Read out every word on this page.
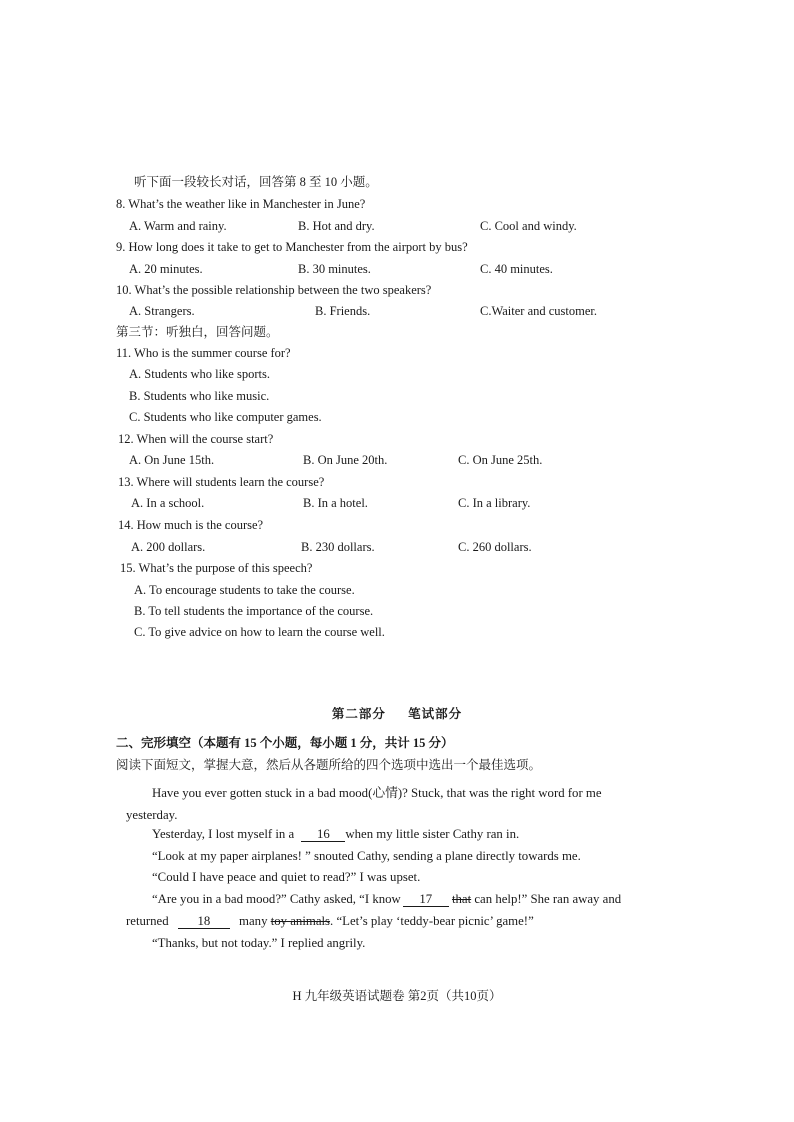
听下面一段较长对话，回答第 8 至 10 小题。
8. What’s the weather like in Manchester in June?
A. Warm and rainy.	B. Hot and dry.	C. Cool and windy.
9. How long does it take to get to Manchester from the airport by bus?
A. 20 minutes.	B. 30 minutes.	C. 40 minutes.
10. What’s the possible relationship between the two speakers?
A. Strangers.	B. Friends.	C.Waiter and customer.
第三节：听独白，回答问题。
11. Who is the summer course for?
A. Students who like sports.
B. Students who like music.
C. Students who like computer games.
12. When will the course start?
A. On June 15th.	B. On June 20th.	C. On June 25th.
13. Where will students learn the course?
A. In a school.	B. In a hotel.	C. In a library.
14. How much is the course?
A. 200 dollars.	B. 230 dollars.	C. 260 dollars.
15. What’s the purpose of this speech?
A. To encourage students to take the course.
B. To tell students the importance of the course.
C. To give advice on how to learn the course well.
第二部分 笔试部分
二、完形填空（本题有 15 个小题，每小题 1 分，共计 15 分）
阅读下面短文，掌握大意，然后从各题所给的四个选项中选出一个最佳选项。
Have you ever gotten stuck in a bad mood(心情)? Stuck, that was the right word for me
yesterday.
Yesterday, I lost myself in a 16 when my little sister Cathy ran in.
“Look at my paper airplanes! ” snouted Cathy, sending a plane directly towards me.
“Could I have peace and quiet to read?” I was upset.
“Are you in a bad mood?” Cathy asked, “I know 17 that can help!” She ran away and
returned 18 many toy animals. “Let’s play ‘teddy-bear picnic’ game!”
“Thanks, but not today.” I replied angrily.
H 九年级英语试题卷 第2页（共10页）
